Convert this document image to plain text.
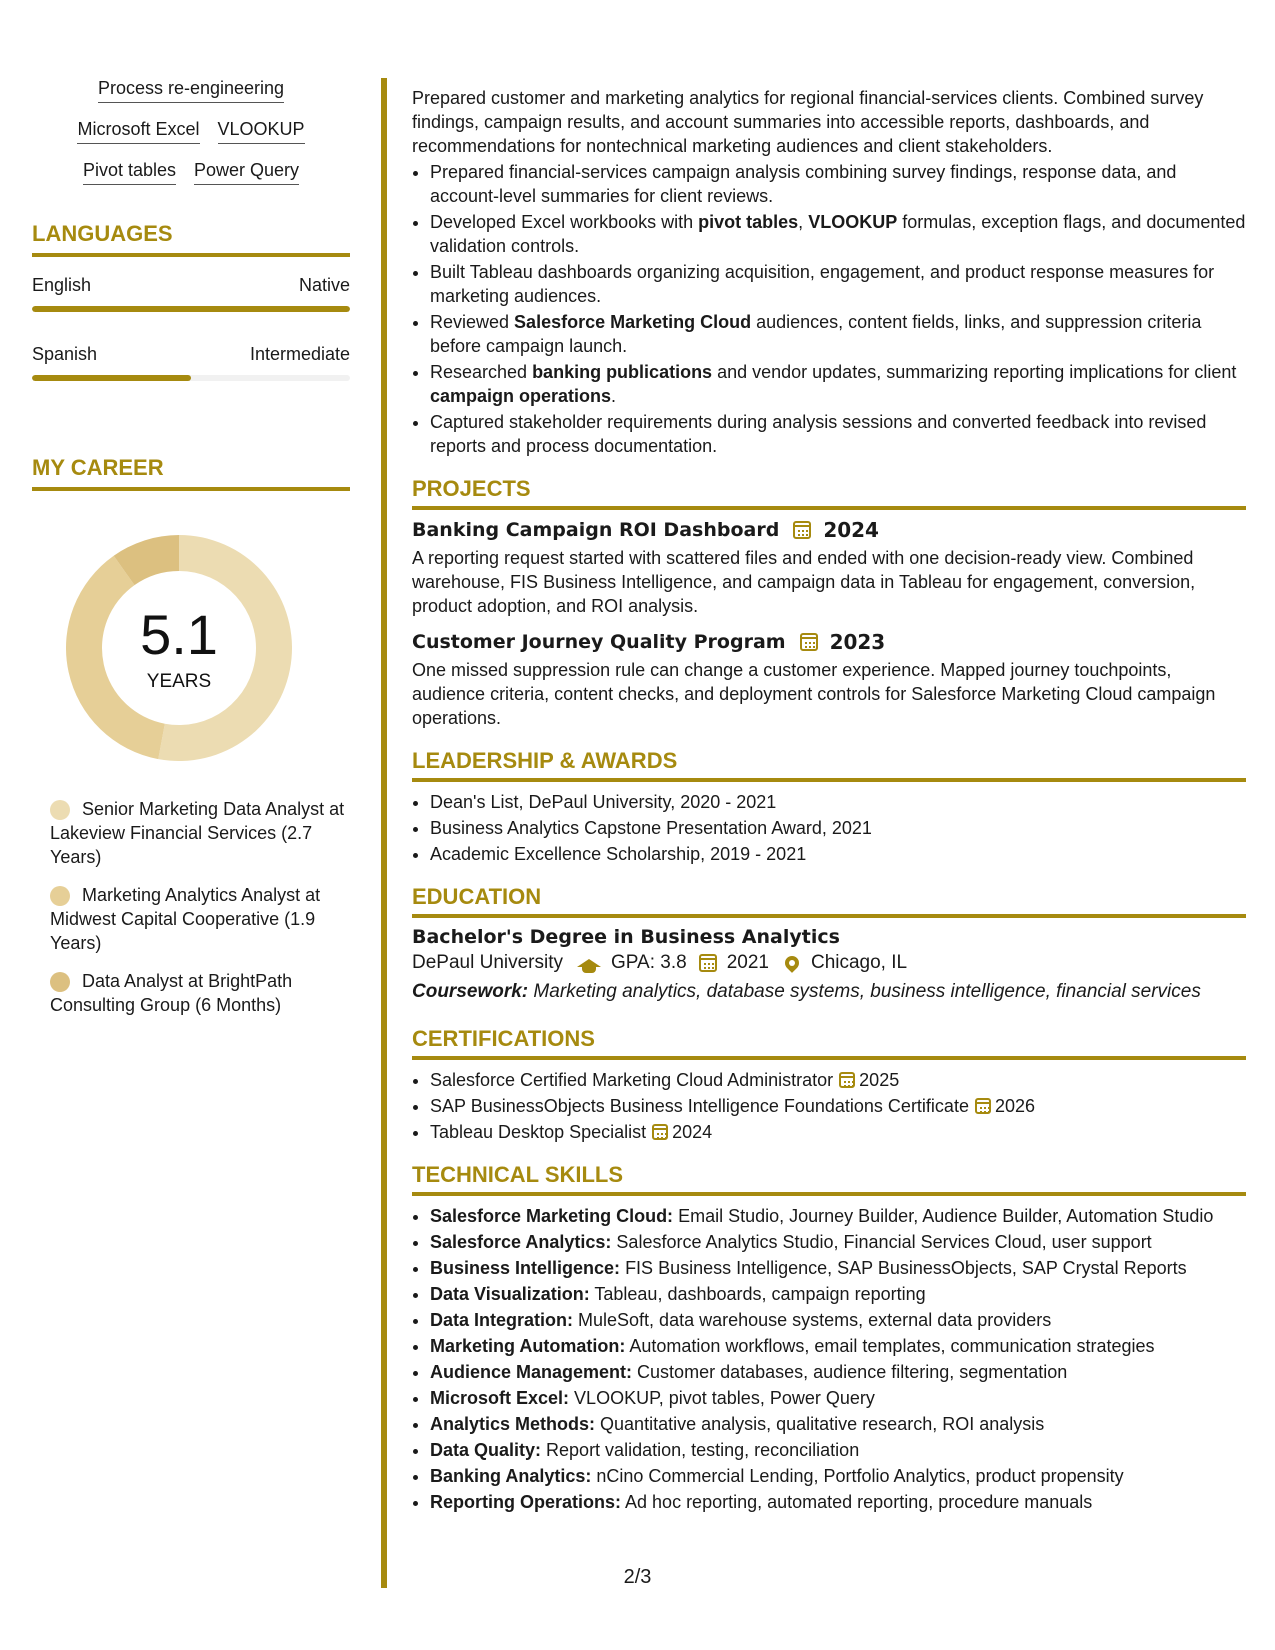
Process re-engineering
Microsoft Excel VLOOKUP
Pivot tables Power Query
LANGUAGES
English	Native
Spanish	Intermediate
MY CAREER
5.1
YEARS
Senior Marketing Data Analyst at Lakeview Financial Services (2.7 Years)
Marketing Analytics Analyst at Midwest Capital Cooperative (1.9 Years)
Data Analyst at BrightPath Consulting Group (6 Months)
Prepared customer and marketing analytics for regional financial-services clients. Combined survey findings, campaign results, and account summaries into accessible reports, dashboards, and recommendations for nontechnical marketing audiences and client stakeholders.
• Prepared financial-services campaign analysis combining survey findings, response data, and account-level summaries for client reviews.
• Developed Excel workbooks with pivot tables, VLOOKUP formulas, exception flags, and documented validation controls.
• Built Tableau dashboards organizing acquisition, engagement, and product response measures for marketing audiences.
• Reviewed Salesforce Marketing Cloud audiences, content fields, links, and suppression criteria before campaign launch.
• Researched banking publications and vendor updates, summarizing reporting implications for client campaign operations.
• Captured stakeholder requirements during analysis sessions and converted feedback into revised reports and process documentation.
PROJECTS
Banking Campaign ROI Dashboard 2024
A reporting request started with scattered files and ended with one decision-ready view. Combined warehouse, FIS Business Intelligence, and campaign data in Tableau for engagement, conversion, product adoption, and ROI analysis.
Customer Journey Quality Program 2023
One missed suppression rule can change a customer experience. Mapped journey touchpoints, audience criteria, content checks, and deployment controls for Salesforce Marketing Cloud campaign operations.
LEADERSHIP & AWARDS
• Dean's List, DePaul University, 2020 - 2021
• Business Analytics Capstone Presentation Award, 2021
• Academic Excellence Scholarship, 2019 - 2021
EDUCATION
Bachelor's Degree in Business Analytics
DePaul University	GPA: 3.8 2021 Chicago, IL
Coursework: Marketing analytics, database systems, business intelligence, financial services
CERTIFICATIONS
• Salesforce Certified Marketing Cloud Administrator 2025
• SAP BusinessObjects Business Intelligence Foundations Certificate 2026
• Tableau Desktop Specialist 2024
TECHNICAL SKILLS
• Salesforce Marketing Cloud: Email Studio, Journey Builder, Audience Builder, Automation Studio
• Salesforce Analytics: Salesforce Analytics Studio, Financial Services Cloud, user support
• Business Intelligence: FIS Business Intelligence, SAP BusinessObjects, SAP Crystal Reports
• Data Visualization: Tableau, dashboards, campaign reporting
• Data Integration: MuleSoft, data warehouse systems, external data providers
• Marketing Automation: Automation workflows, email templates, communication strategies
• Audience Management: Customer databases, audience filtering, segmentation
• Microsoft Excel: VLOOKUP, pivot tables, Power Query
• Analytics Methods: Quantitative analysis, qualitative research, ROI analysis
• Data Quality: Report validation, testing, reconciliation
• Banking Analytics: nCino Commercial Lending, Portfolio Analytics, product propensity
• Reporting Operations: Ad hoc reporting, automated reporting, procedure manuals
2/3
